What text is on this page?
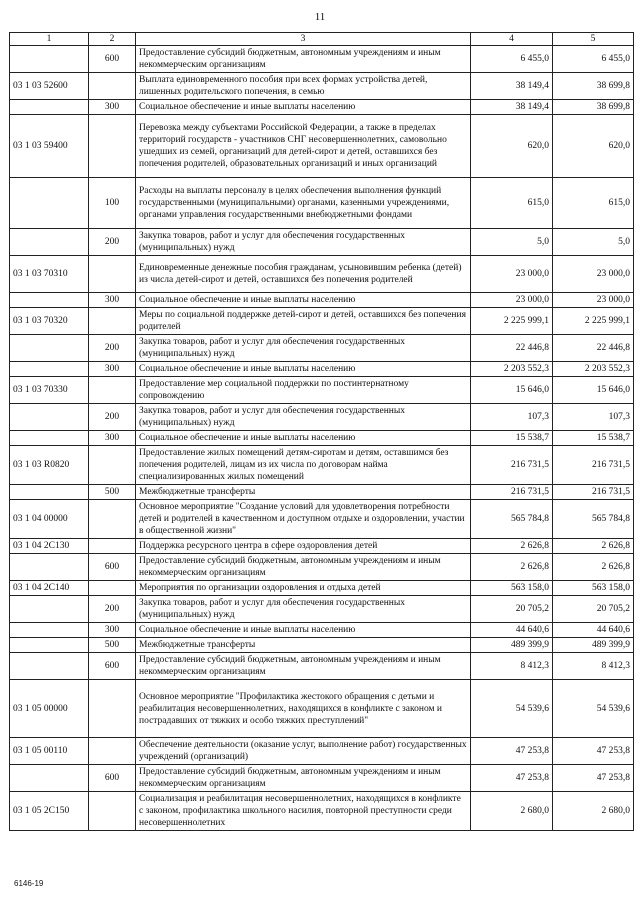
11
1	2	3	4	5
	600	Предоставление субсидий бюджетным, автономным учреждениям и иным некоммерческим организациям	6 455,0	6 455,0
03 1 03 52600		Выплата единовременного пособия при всех формах устройства детей, лишенных родительского попечения, в семью	38 149,4	38 699,8
	300	Социальное обеспечение и иные выплаты населению	38 149,4	38 699,8
03 1 03 59400		Перевозка между субъектами Российской Федерации, а также в пределах территорий государств - участников СНГ несовершеннолетних, самовольно ушедших из семей, организаций для детей-сирот и детей, оставшихся без попечения родителей, образовательных организаций и иных организаций	620,0	620,0
	100	Расходы на выплаты персоналу в целях обеспечения выполнения функций государственными (муниципальными) органами, казенными учреждениями, органами управления государственными внебюджетными фондами	615,0	615,0
	200	Закупка товаров, работ и услуг для обеспечения государственных (муниципальных) нужд	5,0	5,0
03 1 03 70310		Единовременные денежные пособия гражданам, усыновившим ребенка (детей) из числа детей-сирот и детей, оставшихся без попечения родителей	23 000,0	23 000,0
	300	Социальное обеспечение и иные выплаты населению	23 000,0	23 000,0
03 1 03 70320		Меры по социальной поддержке детей-сирот и детей, оставшихся без попечения родителей	2 225 999,1	2 225 999,1
	200	Закупка товаров, работ и услуг для обеспечения государственных (муниципальных) нужд	22 446,8	22 446,8
	300	Социальное обеспечение и иные выплаты населению	2 203 552,3	2 203 552,3
03 1 03 70330		Предоставление мер социальной поддержки по постинтернатному сопровождению	15 646,0	15 646,0
	200	Закупка товаров, работ и услуг для обеспечения государственных (муниципальных) нужд	107,3	107,3
	300	Социальное обеспечение и иные выплаты населению	15 538,7	15 538,7
03 1 03 R0820		Предоставление жилых помещений детям-сиротам и детям, оставшимся без попечения родителей, лицам из их числа по договорам найма специализированных жилых помещений	216 731,5	216 731,5
	500	Межбюджетные трансферты	216 731,5	216 731,5
03 1 04 00000		Основное мероприятие "Создание условий для удовлетворения потребности детей и родителей в качественном и доступном отдыхе и оздоровлении, участии в общественной жизни"	565 784,8	565 784,8
03 1 04 2C130		Поддержка ресурсного центра в сфере оздоровления детей	2 626,8	2 626,8
	600	Предоставление субсидий бюджетным, автономным учреждениям и иным некоммерческим организациям	2 626,8	2 626,8
03 1 04 2C140		Мероприятия по организации оздоровления и отдыха детей	563 158,0	563 158,0
	200	Закупка товаров, работ и услуг для обеспечения государственных (муниципальных) нужд	20 705,2	20 705,2
	300	Социальное обеспечение и иные выплаты населению	44 640,6	44 640,6
	500	Межбюджетные трансферты	489 399,9	489 399,9
	600	Предоставление субсидий бюджетным, автономным учреждениям и иным некоммерческим организациям	8 412,3	8 412,3
03 1 05 00000		Основное мероприятие "Профилактика жестокого обращения с детьми и реабилитация несовершеннолетних, находящихся в конфликте с законом и пострадавших от тяжких и особо тяжких преступлений"	54 539,6	54 539,6
03 1 05 00110		Обеспечение деятельности (оказание услуг, выполнение работ) государственных учреждений (организаций)	47 253,8	47 253,8
	600	Предоставление субсидий бюджетным, автономным учреждениям и иным некоммерческим организациям	47 253,8	47 253,8
03 1 05 2C150		Социализация и реабилитация несовершеннолетних, находящихся в конфликте с законом, профилактика школьного насилия, повторной преступности среди несовершеннолетних	2 680,0	2 680,0
6146-19
